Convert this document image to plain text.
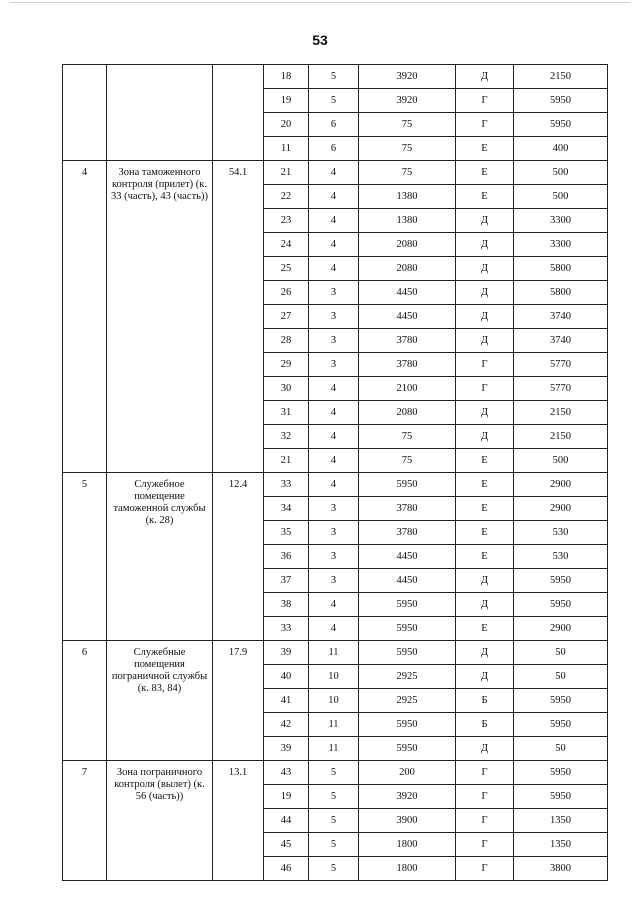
53
			18	5	3920	Д	2150
			19	5	3920	Г	5950
			20	6	75	Г	5950
			11	6	75	Е	400
4	Зона таможенного контроля (прилет) (к. 33 (часть), 43 (часть))	54.1	21	4	75	Е	500
			22	4	1380	Е	500
			23	4	1380	Д	3300
			24	4	2080	Д	3300
			25	4	2080	Д	5800
			26	3	4450	Д	5800
			27	3	4450	Д	3740
			28	3	3780	Д	3740
			29	3	3780	Г	5770
			30	4	2100	Г	5770
			31	4	2080	Д	2150
			32	4	75	Д	2150
			21	4	75	Е	500
5	Служебное помещение таможенной службы (к. 28)	12.4	33	4	5950	Е	2900
			34	3	3780	Е	2900
			35	3	3780	Е	530
			36	3	4450	Е	530
			37	3	4450	Д	5950
			38	4	5950	Д	5950
			33	4	5950	Е	2900
6	Служебные помещения пограничной службы (к. 83, 84)	17.9	39	11	5950	Д	50
			40	10	2925	Д	50
			41	10	2925	Б	5950
			42	11	5950	Б	5950
			39	11	5950	Д	50
7	Зона пограничного контроля (вылет) (к. 56 (часть))	13.1	43	5	200	Г	5950
			19	5	3920	Г	5950
			44	5	3900	Г	1350
			45	5	1800	Г	1350
			46	5	1800	Г	3800
